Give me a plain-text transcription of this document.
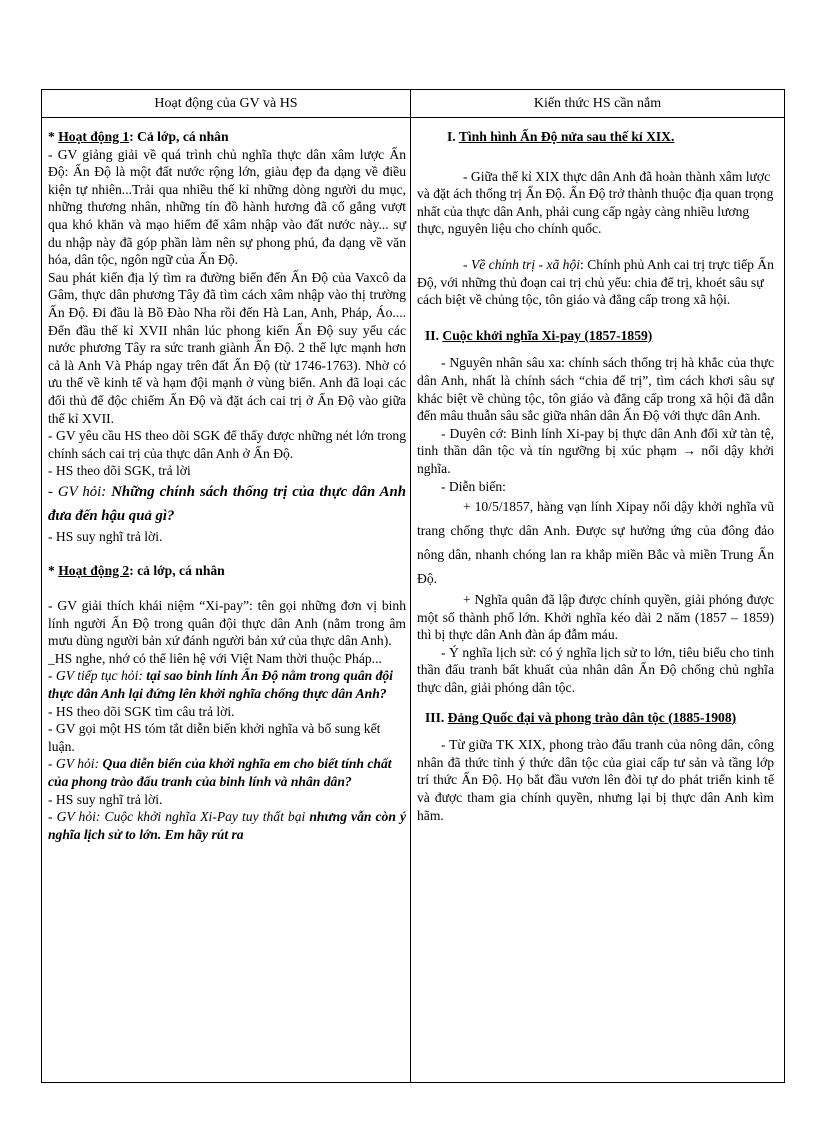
Hoạt động của GV và HS	Kiến thức HS cần nắm

* Hoạt động 1: Cả lớp, cá nhân

- GV giảng giải về quá trình chủ nghĩa thực dân xâm lược Ấn Độ: Ấn Độ là một đất nước rộng lớn, giàu đẹp đa dạng về điều kiện tự nhiên...Trải qua nhiều thế kỉ những dòng người du mục, những thương nhân, những tín đồ hành hương đã cố gắng vượt qua khó khăn và mạo hiểm để xâm nhập vào đất nước này... sự du nhập này đã góp phần làm nên sự phong phú, đa dạng về văn hóa, dân tộc, ngôn ngữ của Ấn Độ.

Sau phát kiến địa lý tìm ra đường biển đến Ấn Độ của Vaxcô da Gâm, thực dân phương Tây đã tìm cách xâm nhập vào thị trường Ấn Độ. Đi đầu là Bồ Đào Nha rồi đến Hà Lan, Anh, Pháp, Áo.... Đến đầu thế kỉ XVII nhân lúc phong kiến Ấn Độ suy yếu các nước phương Tây ra sức tranh giành Ấn Độ. 2 thế lực mạnh hơn cả là Anh Và Pháp ngay trên đất Ấn Độ (từ 1746-1763). Nhờ có ưu thế về kinh tế và hạm đội mạnh ở vùng biển. Anh đã loại các đối thủ để độc chiếm Ấn Độ và đặt ách cai trị ở Ấn Độ vào giữa thế kỉ XVII.

- GV yêu cầu HS theo dõi SGK để thấy được những nét lớn trong chính sách cai trị của thực dân Anh ở Ấn Độ.

- HS theo dõi SGK, trả lời

- GV hỏi: Những chính sách thống trị của thực dân Anh đưa đến hậu quả gì?

- HS suy nghĩ trả lời.

* Hoạt động 2: cả lớp, cá nhân

- GV giải thích khái niệm “Xi-pay”: tên gọi những đơn vị binh lính người Ấn Độ trong quân đội thực dân Anh (nằm trong âm mưu dùng người bản xứ đánh người bản xứ của thực dân Anh).

_HS nghe, nhớ có thể liên hệ với Việt Nam thời thuộc Pháp...

- GV tiếp tục hỏi: tại sao binh lính Ấn Độ nằm trong quân đội thực dân Anh lại đứng lên khởi nghĩa chống thực dân Anh?

- HS theo dõi SGK tìm câu trả lời.

- GV gọi một HS tóm tắt diễn biến khởi nghĩa và bổ sung kết luận.

- GV hỏi: Qua diễn biến của khởi nghĩa em cho biết tính chất của phong trào đấu tranh của binh lính và nhân dân?

- HS suy nghĩ trả lời.

- GV hỏi: Cuộc khởi nghĩa Xi-Pay tuy thất bại nhưng vẫn còn ý nghĩa lịch sử to lớn. Em hãy rút ra

I. Tình hình Ấn Độ nửa sau thế kỉ XIX.

- Giữa thế kỉ XIX thực dân Anh đã hoàn thành xâm lược và đặt ách thống trị Ấn Độ. Ấn Độ trở thành thuộc địa quan trọng nhất của thực dân Anh, phải cung cấp ngày càng nhiều lương thực, nguyên liệu cho chính quốc.

- Về chính trị - xã hội: Chính phủ Anh cai trị trực tiếp Ấn Độ, với những thủ đoạn cai trị chủ yếu: chia để trị, khoét sâu sự cách biệt về chủng tộc, tôn giáo và đẳng cấp trong xã hội.

II. Cuộc khởi nghĩa Xi-pay (1857-1859)

- Nguyên nhân sâu xa: chính sách thống trị hà khắc của thực dân Anh, nhất là chính sách “chia để trị”, tìm cách khơi sâu sự khác biệt về chủng tộc, tôn giáo và đẳng cấp trong xã hội đã dẫn đến mâu thuẫn sâu sắc giữa nhân dân Ấn Độ với thực dân Anh.

- Duyên cớ: Binh lính Xi-pay bị thực dân Anh đối xử tàn tệ, tinh thần dân tộc và tín ngưỡng bị xúc phạm → nổi dậy khởi nghĩa.

- Diễn biến:

+ 10/5/1857, hàng vạn lính Xipay nổi dậy khởi nghĩa vũ trang chống thực dân Anh. Được sự hưởng ứng của đông đảo nông dân, nhanh chóng lan ra khắp miền Bắc và miền Trung Ấn Độ.

+ Nghĩa quân đã lập được chính quyền, giải phóng được một số thành phố lớn. Khởi nghĩa kéo dài 2 năm (1857 – 1859) thì bị thực dân Anh đàn áp đẫm máu.

- Ý nghĩa lịch sử: có ý nghĩa lịch sử to lớn, tiêu biểu cho tinh thần đấu tranh bất khuất của nhân dân Ấn Độ chống chủ nghĩa thực dân, giải phóng dân tộc.

III. Đảng Quốc đại và phong trào dân tộc (1885-1908)

- Từ giữa TK XIX, phong trào đấu tranh của nông dân, công nhân đã thức tỉnh ý thức dân tộc của giai cấp tư sản và tầng lớp trí thức Ấn Độ. Họ bắt đầu vươn lên đòi tự do phát triển kinh tế và được tham gia chính quyền, nhưng lại bị thực dân Anh kìm hãm.
